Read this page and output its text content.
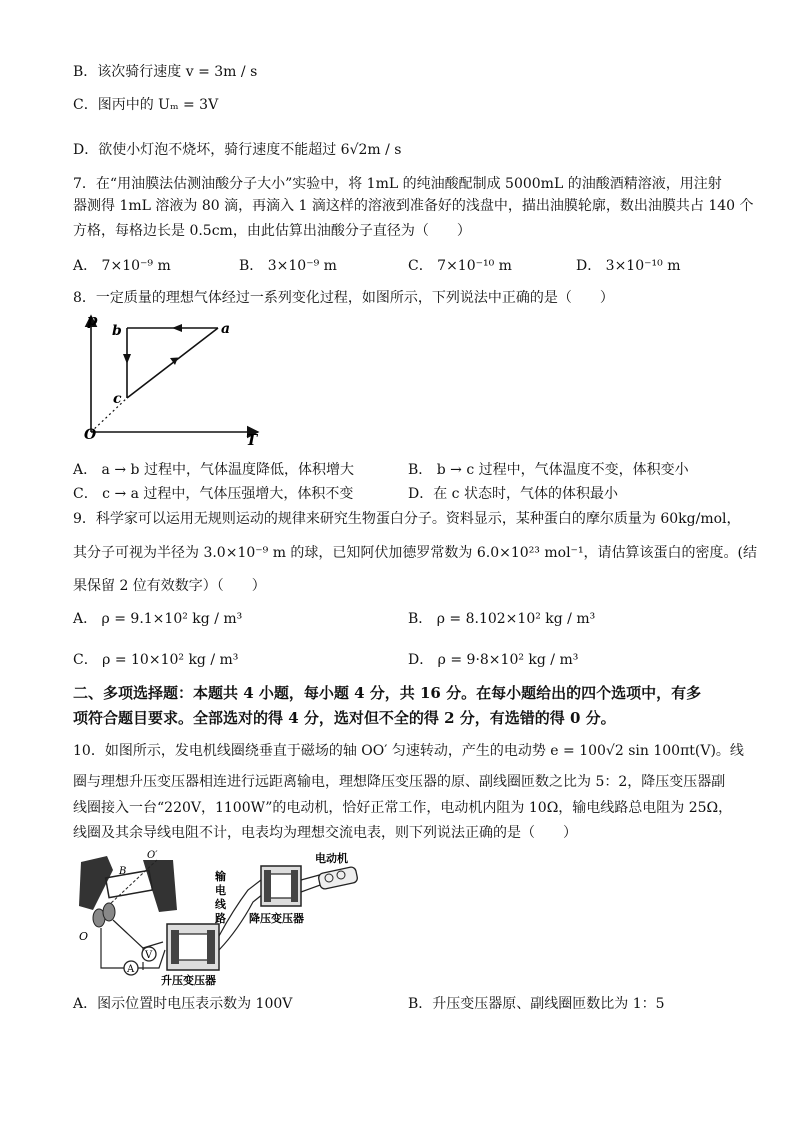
B．该次骑行速度 v = 3m / s
C．图丙中的 Uₘ = 3V
D．欲使小灯泡不烧坏，骑行速度不能超过 6√2m / s
7．在“用油膜法估测油酸分子大小”实验中，将 1mL 的纯油酸配制成 5000mL 的油酸酒精溶液，用注射
器测得 1mL 溶液为 80 滴，再滴入 1 滴这样的溶液到准备好的浅盘中，描出油膜轮廓，数出油膜共占 140 个
方格，每格边长是 0.5cm，由此估算出油酸分子直径为（　　）
A． 7×10⁻⁹ m	B． 3×10⁻⁹ m	C． 7×10⁻¹⁰ m	D． 3×10⁻¹⁰ m
8．一定质量的理想气体经过一系列变化过程，如图所示，下列说法中正确的是（　　）
p
T
O
b	a
c
A． a → b 过程中，气体温度降低，体积增大	B． b → c 过程中，气体温度不变，体积变小
C． c → a 过程中，气体压强增大，体积不变	D．在 c 状态时，气体的体积最小
9．科学家可以运用无规则运动的规律来研究生物蛋白分子。资料显示，某种蛋白的摩尔质量为 60kg/mol，
其分子可视为半径为 3.0×10⁻⁹ m 的球，已知阿伏加德罗常数为 6.0×10²³ mol⁻¹，请估算该蛋白的密度。(结
果保留 2 位有效数字）（　　）
A． ρ = 9.1×10² kg / m³	B． ρ = 8.102×10² kg / m³
C． ρ = 10×10² kg / m³	D． ρ = 9·8×10² kg / m³
二、多项选择题：本题共 4 小题，每小题 4 分，共 16 分。在每小题给出的四个选项中，有多
项符合题目要求。全部选对的得 4 分，选对但不全的得 2 分，有选错的得 0 分。
10．如图所示，发电机线圈绕垂直于磁场的轴 OO′ 匀速转动，产生的电动势 e = 100√2 sin 100πt(V)。线
圈与理想升压变压器相连进行远距离输电，理想降压变压器的原、副线圈匝数之比为 5：2，降压变压器副
线圈接入一台“220V，1100W”的电动机，恰好正常工作，电动机内阻为 10Ω，输电线路总电阻为 25Ω，
线圈及其余导线电阻不计，电表均为理想交流电表，则下列说法正确的是（　　）
B
O′
O
V
A
升压变压器
输
电
线
路 降压变压器
电动机
A．图示位置时电压表示数为 100V	B．升压变压器原、副线圈匝数比为 1：5
